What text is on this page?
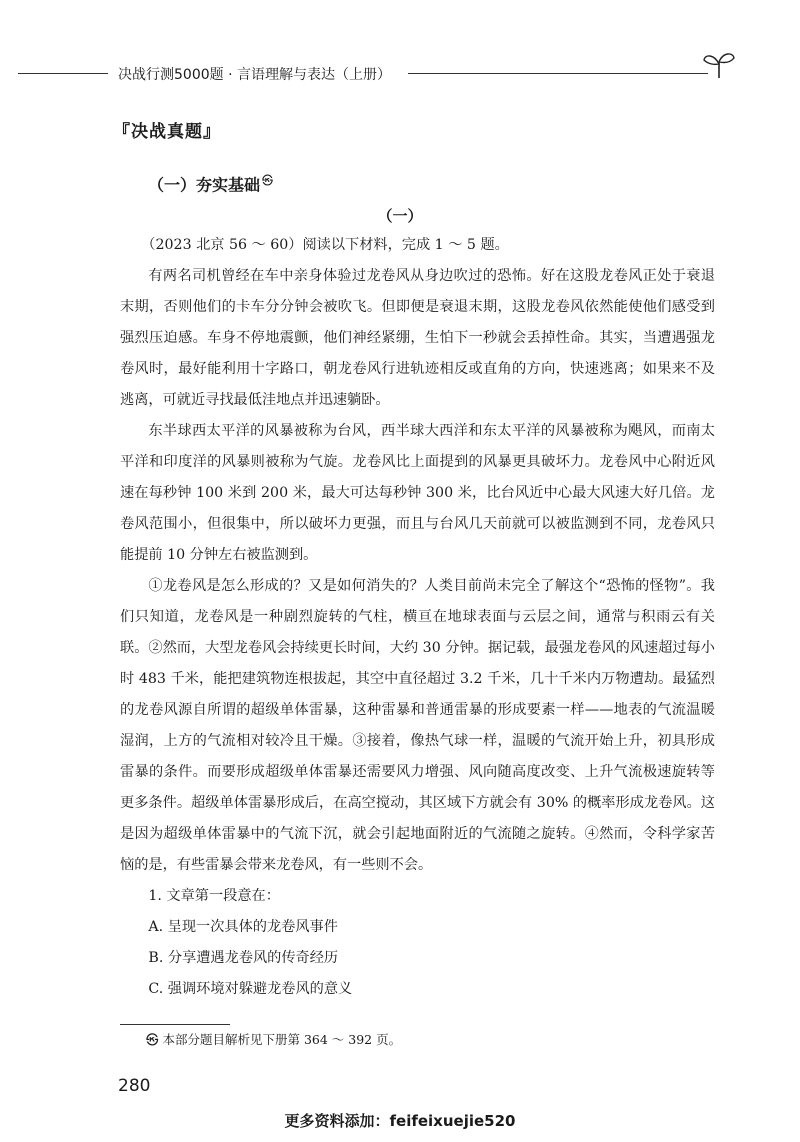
决战行测5000题 · 言语理解与表达（上册）
『决战真题』
（一）夯实基础 ㉿
（一）

（2023 北京 56 ～ 60）阅读以下材料，完成 1 ～ 5 题。

有两名司机曾经在车中亲身体验过龙卷风从身边吹过的恐怖。好在这股龙卷风正处于衰退末期，否则他们的卡车分分钟会被吹飞。但即便是衰退末期，这股龙卷风依然能使他们感受到强烈压迫感。车身不停地震颤，他们神经紧绷，生怕下一秒就会丢掉性命。其实，当遭遇强龙卷风时，最好能利用十字路口，朝龙卷风行进轨迹相反或直角的方向，快速逃离；如果来不及逃离，可就近寻找最低洼地点并迅速躺卧。

东半球西太平洋的风暴被称为台风，西半球大西洋和东太平洋的风暴被称为飓风，而南太平洋和印度洋的风暴则被称为气旋。龙卷风比上面提到的风暴更具破坏力。龙卷风中心附近风速在每秒钟 100 米到 200 米，最大可达每秒钟 300 米，比台风近中心最大风速大好几倍。龙卷风范围小，但很集中，所以破坏力更强，而且与台风几天前就可以被监测到不同，龙卷风只能提前 10 分钟左右被监测到。

①龙卷风是怎么形成的？又是如何消失的？人类目前尚未完全了解这个“恐怖的怪物”。我们只知道，龙卷风是一种剧烈旋转的气柱，横亘在地球表面与云层之间，通常与积雨云有关联。②然而，大型龙卷风会持续更长时间，大约 30 分钟。据记载，最强龙卷风的风速超过每小时 483 千米，能把建筑物连根拔起，其空中直径超过 3.2 千米，几十千米内万物遭劫。最猛烈的龙卷风源自所谓的超级单体雷暴，这种雷暴和普通雷暴的形成要素一样——地表的气流温暖湿润，上方的气流相对较冷且干燥。③接着，像热气球一样，温暖的气流开始上升，初具形成雷暴的条件。而要形成超级单体雷暴还需要风力增强、风向随高度改变、上升气流极速旋转等更多条件。超级单体雷暴形成后，在高空搅动，其区域下方就会有 30% 的概率形成龙卷风。这是因为超级单体雷暴中的气流下沉，就会引起地面附近的气流随之旋转。④然而，令科学家苦恼的是，有些雷暴会带来龙卷风，有一些则不会。

1. 文章第一段意在：

A. 呈现一次具体的龙卷风事件

B. 分享遭遇龙卷风的传奇经历

C. 强调环境对躲避龙卷风的意义

㉿ 本部分题目解析见下册第 364 ～ 392 页。
280
更多资料添加：feifeixuejie520
